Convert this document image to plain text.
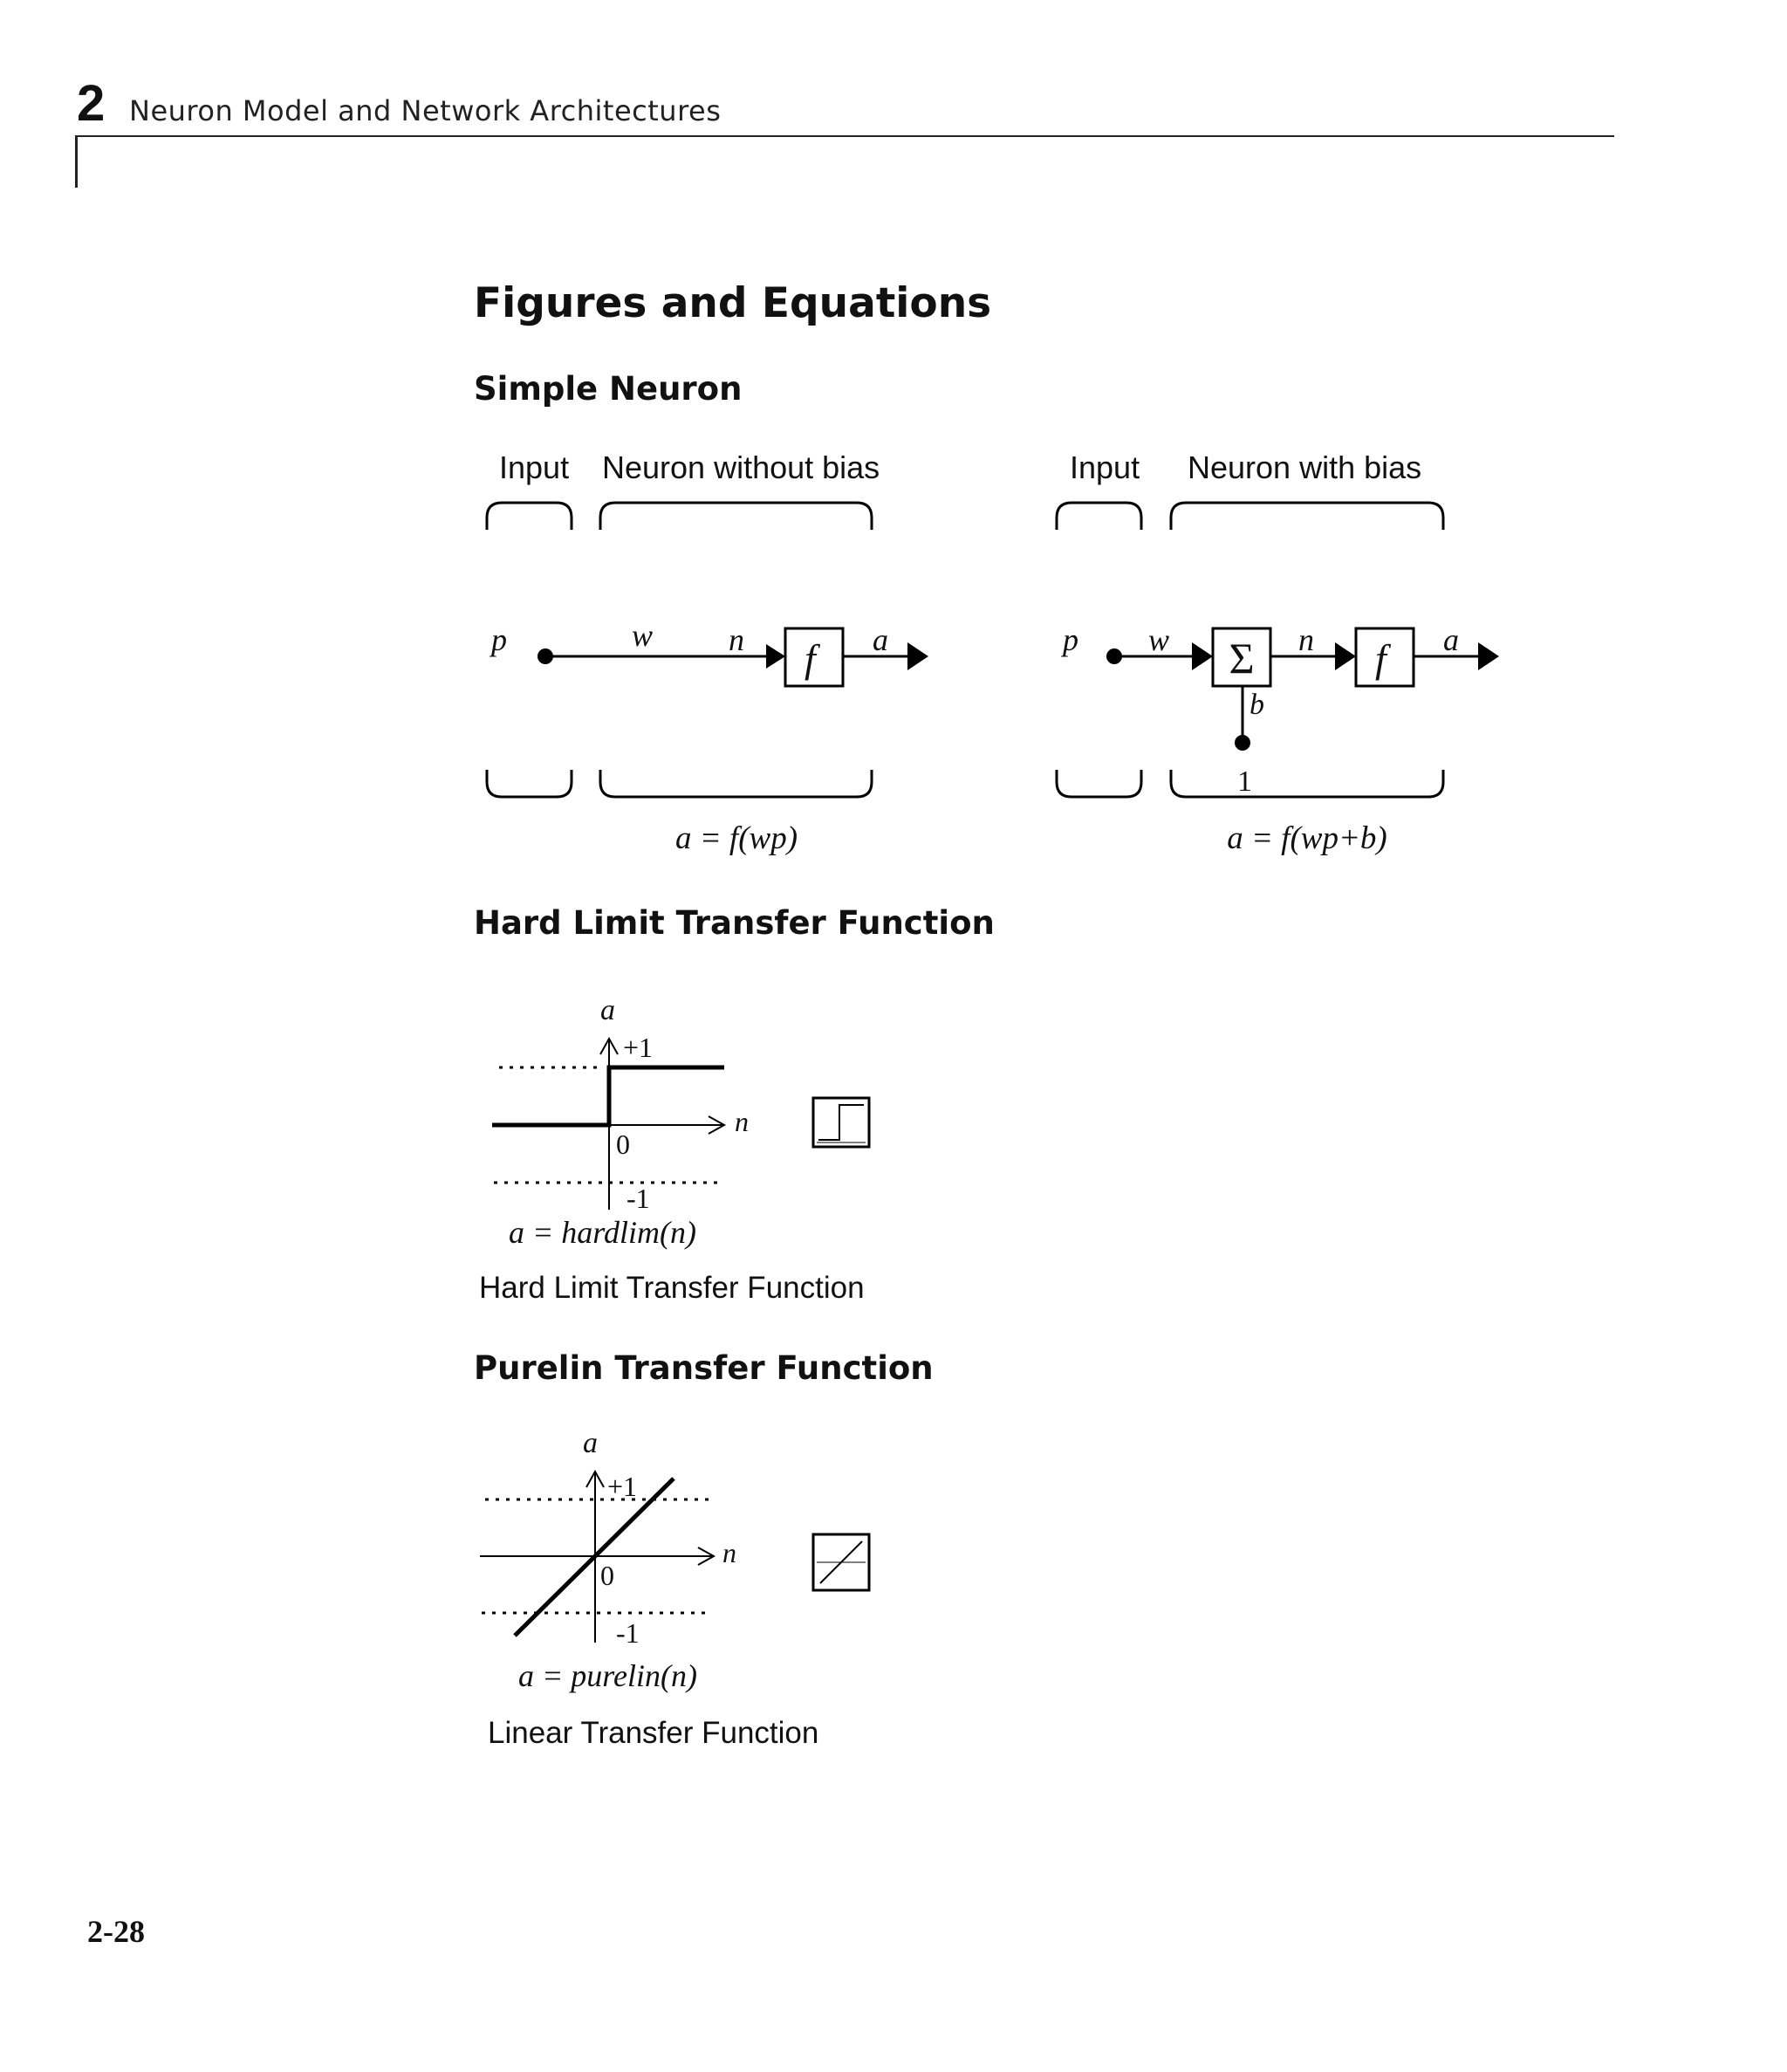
2 Neuron Model and Network Architectures
Figures and Equations
Simple Neuron
Input Neuron without bias
p	w n f a
a = f(wp)
Input Neuron with bias
p w Σ n f a
b
1
a = f(wp+b)
Hard Limit Transfer Function
a
+1
n
0
-1
a = hardlim(n)
Hard Limit Transfer Function
Purelin Transfer Function
a
+1
n
0
-1
a = purelin(n)
Linear Transfer Function
2-28
